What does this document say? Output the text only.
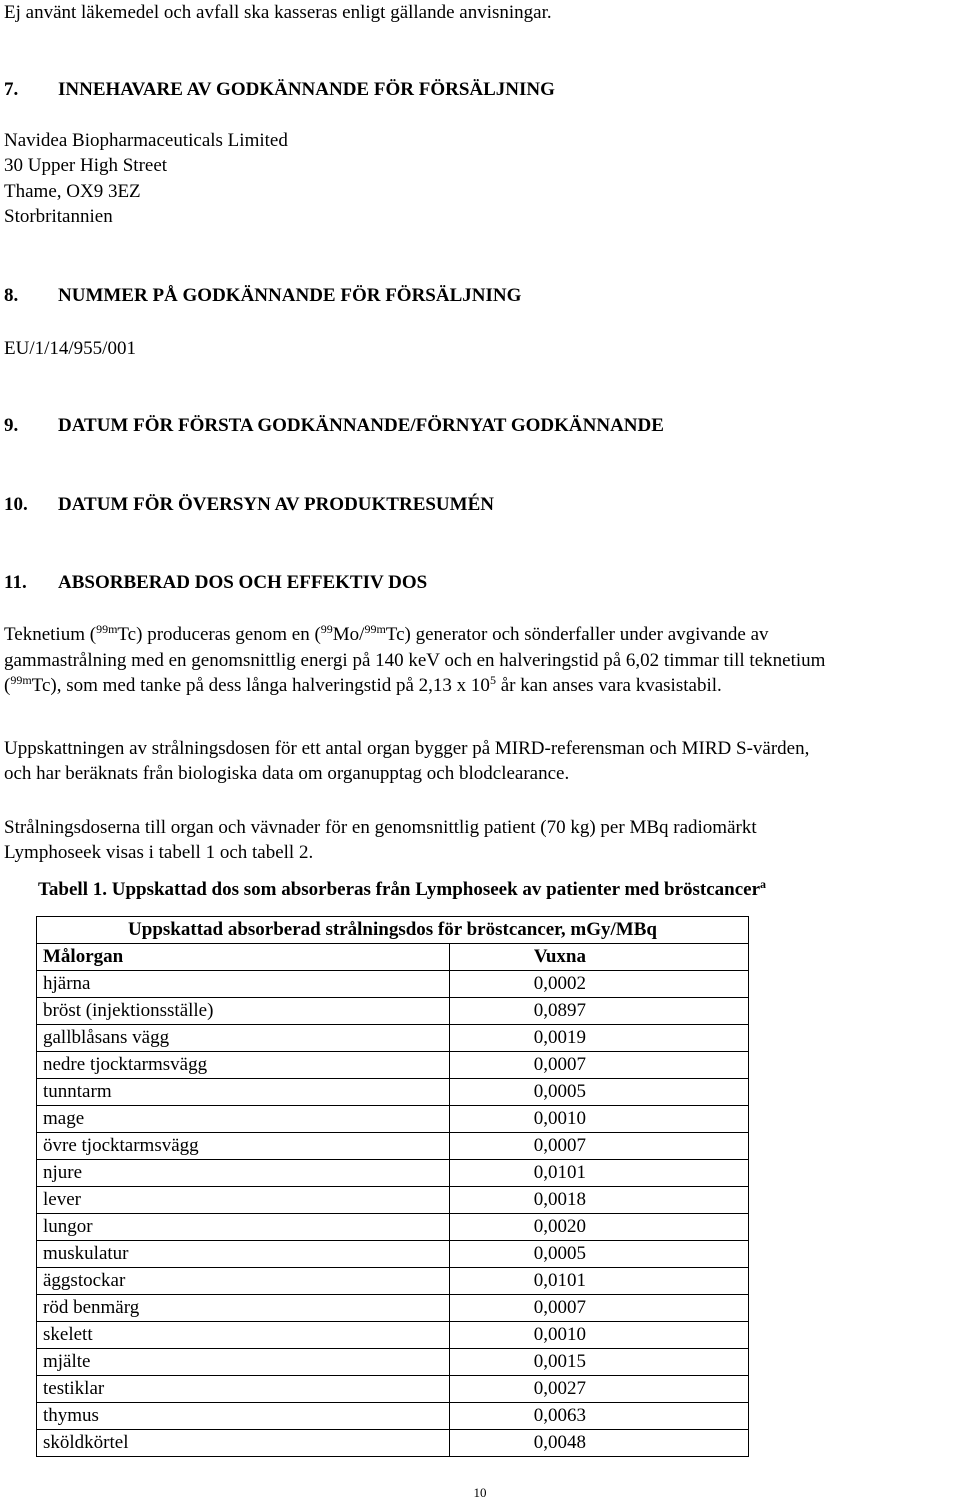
Ej använt läkemedel och avfall ska kasseras enligt gällande anvisningar.
7. INNEHAVARE AV GODKÄNNANDE FÖR FÖRSÄLJNING
Navidea Biopharmaceuticals Limited
30 Upper High Street
Thame, OX9 3EZ
Storbritannien
8. NUMMER PÅ GODKÄNNANDE FÖR FÖRSÄLJNING
EU/1/14/955/001
9. DATUM FÖR FÖRSTA GODKÄNNANDE/FÖRNYAT GODKÄNNANDE
10. DATUM FÖR ÖVERSYN AV PRODUKTRESUMÉN
11. ABSORBERAD DOS OCH EFFEKTIV DOS
Teknetium ($^{99m}$Tc) produceras genom en ($^{99}$Mo/$^{99m}$Tc) generator och sönderfaller under avgivande av
gammastrålning med en genomsnittlig energi på 140 keV och en halveringstid på 6,02 timmar till teknetium
($^{99m}$Tc), som med tanke på dess långa halveringstid på 2,13 x $10^5$ år kan anses vara kvasistabil.
Uppskattningen av strålningsdosen för ett antal organ bygger på MIRD-referensman och MIRD S-värden,
och har beräknats från biologiska data om organupptag och blodclearance.
Strålningsdoserna till organ och vävnader för en genomsnittlig patient (70 kg) per MBq radiomärkt
Lymphoseek visas i tabell 1 och tabell 2.
Tabell 1. Uppskattad dos som absorberas från Lymphoseek av patienter med bröstcancer$^a$
Uppskattad absorberad strålningsdos för bröstcancer, mGy/MBq	
Målorgan	Vuxna
hjärna	0,0002
bröst (injektionsställe)	0,0897
gallblåsans vägg	0,0019
nedre tjocktarmsvägg	0,0007
tunntarm	0,0005
mage	0,0010
övre tjocktarmsvägg	0,0007
njure	0,0101
lever	0,0018
lungor	0,0020
muskulatur	0,0005
äggstockar	0,0101
röd benmärg	0,0007
skelett	0,0010
mjälte	0,0015
testiklar	0,0027
thymus	0,0063
sköldkörtel	0,0048
10
